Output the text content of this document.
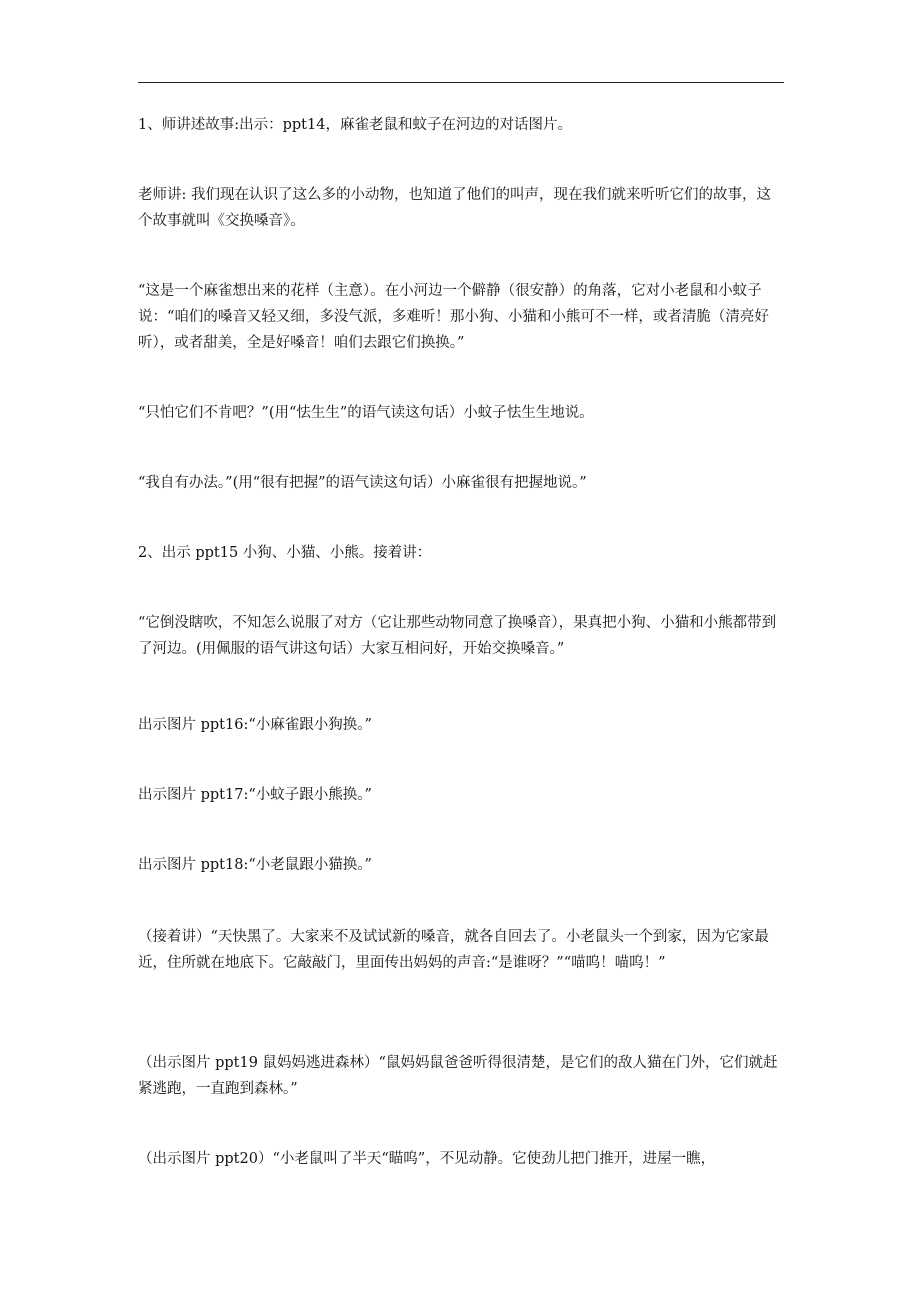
1、师讲述故事:出示：ppt14，麻雀老鼠和蚊子在河边的对话图片。

老师讲: 我们现在认识了这么多的小动物，也知道了他们的叫声，现在我们就来听听它们的故事，这个故事就叫《交换嗓音》。

“这是一个麻雀想出来的花样（主意）。在小河边一个僻静（很安静）的角落，它对小老鼠和小蚊子说：“咱们的嗓音又轻又细，多没气派，多难听！那小狗、小猫和小熊可不一样，或者清脆（清亮好听），或者甜美，全是好嗓音！咱们去跟它们换换。”

“只怕它们不肯吧？”(用“怯生生”的语气读这句话）小蚊子怯生生地说。

“我自有办法。”(用“很有把握”的语气读这句话）小麻雀很有把握地说。”

2、出示 ppt15 小狗、小猫、小熊。接着讲：

“它倒没瞎吹，不知怎么说服了对方（它让那些动物同意了换嗓音），果真把小狗、小猫和小熊都带到了河边。(用佩服的语气讲这句话）大家互相问好，开始交换嗓音。”

出示图片 ppt16:“小麻雀跟小狗换。”

出示图片 ppt17:“小蚊子跟小熊换。”

出示图片 ppt18:“小老鼠跟小猫换。”

（接着讲）“天快黑了。大家来不及试试新的嗓音，就各自回去了。小老鼠头一个到家，因为它家最近，住所就在地底下。它敲敲门，里面传出妈妈的声音:“是谁呀？”“喵呜！喵呜！”

（出示图片 ppt19 鼠妈妈逃进森林）“鼠妈妈鼠爸爸听得很清楚，是它们的敌人猫在门外，它们就赶紧逃跑，一直跑到森林。”

（出示图片 ppt20）“小老鼠叫了半天“瞄呜”，不见动静。它使劲儿把门推开，进屋一瞧，
